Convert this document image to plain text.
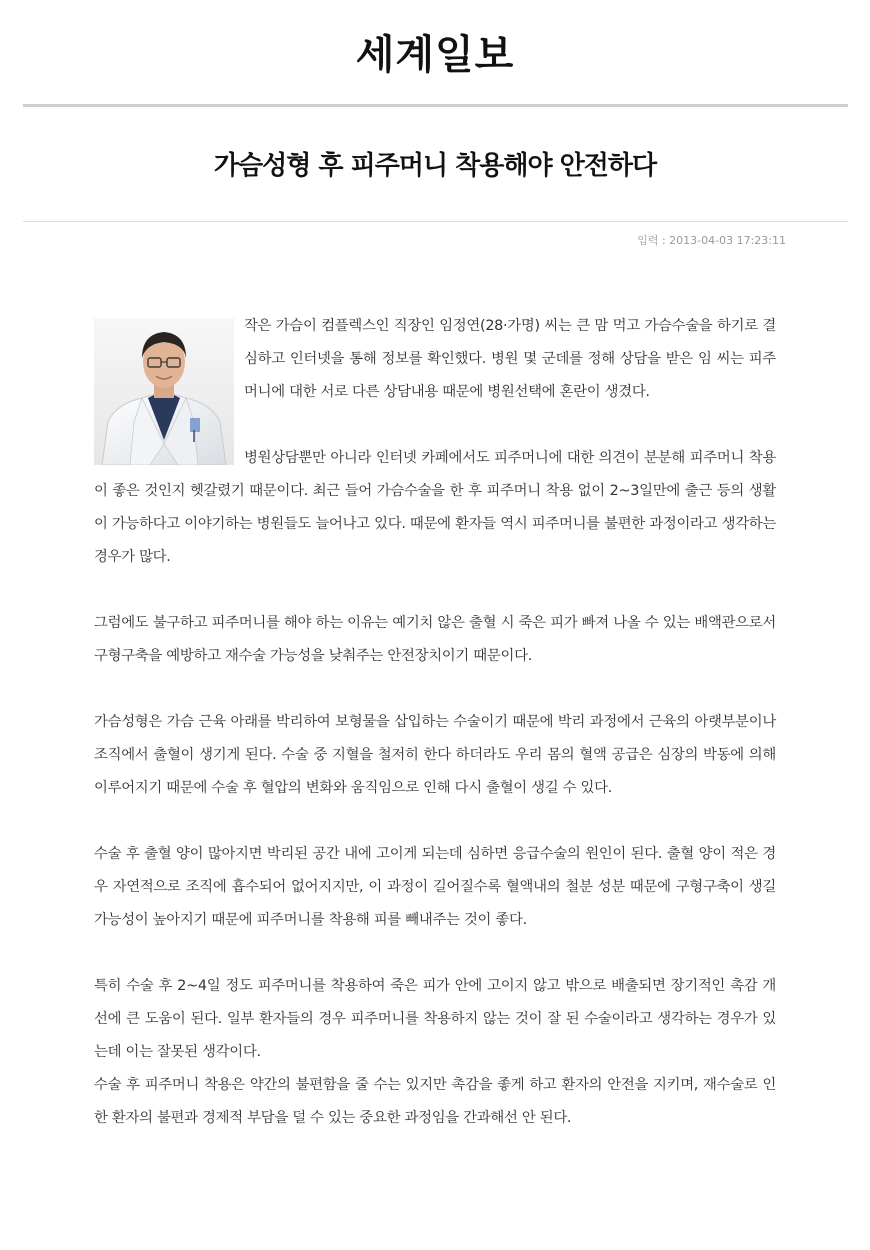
세계일보
가슴성형 후 피주머니 착용해야 안전하다
입력 : 2013-04-03 17:23:11

작은 가슴이 컴플렉스인 직장인 임정연(28·가명) 씨는 큰 맘 먹고 가슴수술을 하기로 결심하고 인터넷을 통해 정보를 확인했다. 병원 몇 군데를 정해 상담을 받은 임 씨는 피주머니에 대한 서로 다른 상담내용 때문에 병원선택에 혼란이 생겼다.

병원상담뿐만 아니라 인터넷 카페에서도 피주머니에 대한 의견이 분분해 피주머니 착용이 좋은 것인지 헷갈렸기 때문이다. 최근 들어 가슴수술을 한 후 피주머니 착용 없이 2~3일만에 출근 등의 생활이 가능하다고 이야기하는 병원들도 늘어나고 있다. 때문에 환자들 역시 피주머니를 불편한 과정이라고 생각하는 경우가 많다.

그럼에도 불구하고 피주머니를 해야 하는 이유는 예기치 않은 출혈 시 죽은 피가 빠져 나올 수 있는 배액관으로서 구형구축을 예방하고 재수술 가능성을 낮춰주는 안전장치이기 때문이다.

가슴성형은 가슴 근육 아래를 박리하여 보형물을 삽입하는 수술이기 때문에 박리 과정에서 근육의 아랫부분이나 조직에서 출혈이 생기게 된다. 수술 중 지혈을 철저히 한다 하더라도 우리 몸의 혈액 공급은 심장의 박동에 의해 이루어지기 때문에 수술 후 혈압의 변화와 움직임으로 인해 다시 출혈이 생길 수 있다.

수술 후 출혈 양이 많아지면 박리된 공간 내에 고이게 되는데 심하면 응급수술의 원인이 된다. 출혈 양이 적은 경우 자연적으로 조직에 흡수되어 없어지지만, 이 과정이 길어질수록 혈액내의 철분 성분 때문에 구형구축이 생길 가능성이 높아지기 때문에 피주머니를 착용해 피를 빼내주는 것이 좋다.

특히 수술 후 2~4일 정도 피주머니를 착용하여 죽은 피가 안에 고이지 않고 밖으로 배출되면 장기적인 촉감 개선에 큰 도움이 된다. 일부 환자들의 경우 피주머니를 착용하지 않는 것이 잘 된 수술이라고 생각하는 경우가 있는데 이는 잘못된 생각이다.

수술 후 피주머니 착용은 약간의 불편함을 줄 수는 있지만 촉감을 좋게 하고 환자의 안전을 지키며, 재수술로 인한 환자의 불편과 경제적 부담을 덜 수 있는 중요한 과정임을 간과해선 안 된다.
